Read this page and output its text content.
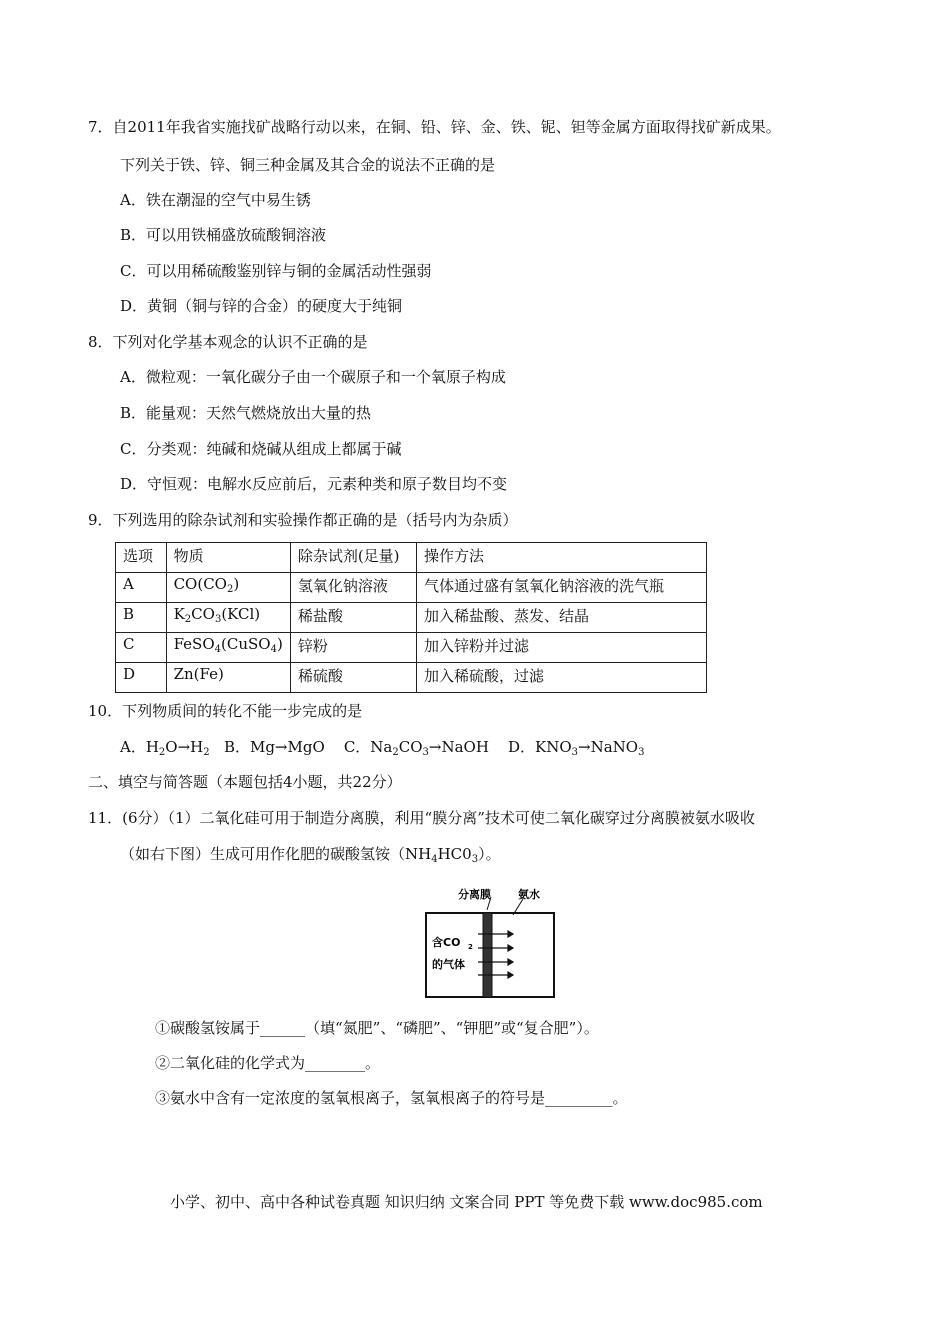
7．自2011年我省实施找矿战略行动以来，在铜、铅、锌、金、铁、铌、钽等金属方面取得找矿新成果。
下列关于铁、锌、铜三种金属及其合金的说法不正确的是
A．铁在潮湿的空气中易生锈
B．可以用铁桶盛放硫酸铜溶液
C．可以用稀硫酸鉴别锌与铜的金属活动性强弱
D．黄铜（铜与锌的合金）的硬度大于纯铜
8．下列对化学基本观念的认识不正确的是
A．微粒观：一氧化碳分子由一个碳原子和一个氧原子构成
B．能量观：天然气燃烧放出大量的热
C．分类观：纯碱和烧碱从组成上都属于碱
D．守恒观：电解水反应前后，元素种类和原子数目均不变
9．下列选用的除杂试剂和实验操作都正确的是（括号内为杂质）
选项	物质	除杂试剂(足量)	操作方法
A	$CO(CO_2)$	氢氧化钠溶液	气体通过盛有氢氧化钠溶液的洗气瓶
B	$K_2CO_3(KCl)$	稀盐酸	加入稀盐酸、蒸发、结晶
C	FeSO$_4$(CuSO$_4$)	锌粉	加入锌粉并过滤
D	Zn(Fe)	稀硫酸	加入稀硫酸，过滤
10．下列物质间的转化不能一步完成的是
A．$H_2O\to H_2$ B．Mg→MgO C．$Na_2CO_3\to NaOH$ D．$KNO_3\to NaNO_3$
二、填空与简答题（本题包括4小题，共22分）
11．(6分）（1）二氧化硅可用于制造分离膜，利用“膜分离”技术可使二氧化碳穿过分离膜被氨水吸收
（如右下图）生成可用作化肥的碳酸氢铵$(NH_4HC0_3)$。
分离膜 氨水
含CO 2
的气体
①碳酸氢铵属于______（填“氮肥”、“磷肥”、“钾肥”或“复合肥”）。
②二氧化硅的化学式为________。
③氨水中含有一定浓度的氢氧根离子，氢氧根离子的符号是_________。
小学、初中、高中各种试卷真题 知识归纳 文案合同 PPT 等免费下载 www.doc985.com
